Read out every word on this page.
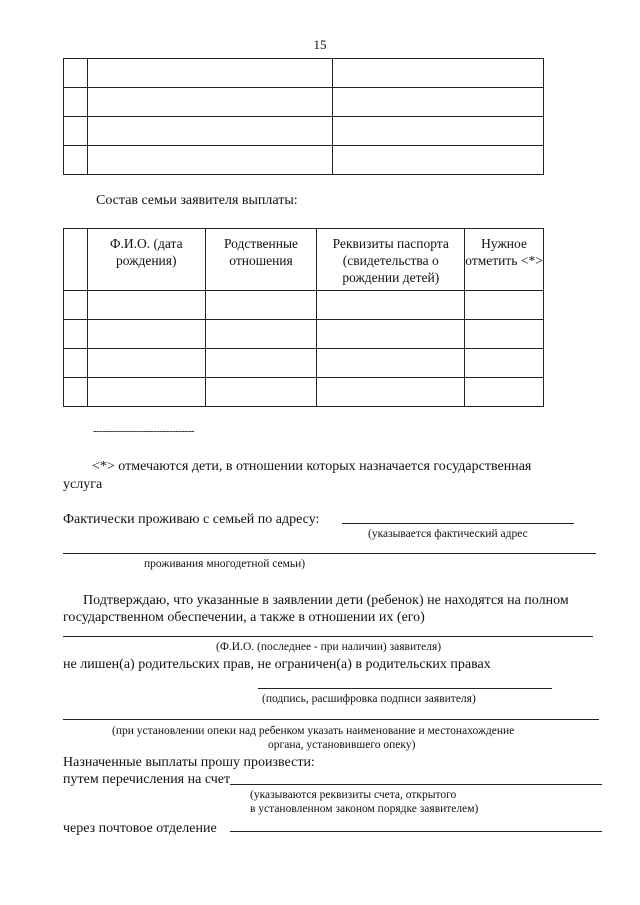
15

Состав семьи заявителя выплаты:
	Ф.И.О. (дата рождения)	Родственные отношения	Реквизиты паспорта (свидетельства о рождении детей)	Нужное отметить <*>

--------------------------------
<*> отмечаются дети, в отношении которых назначается государственная
услуга
Фактически проживаю с семьей по адресу:
(указывается фактический адрес
проживания многодетной семьи)
Подтверждаю, что указанные в заявлении дети (ребенок) не находятся на полном
государственном обеспечении, а также в отношении их (его)
(Ф.И.О. (последнее - при наличии) заявителя)
не лишен(а) родительских прав, не ограничен(а) в родительских правах
(подпись, расшифровка подписи заявителя)
(при установлении опеки над ребенком указать наименование и местонахождение
органа, установившего опеку)
Назначенные выплаты прошу произвести:
путем перечисления на счет
(указываются реквизиты счета, открытого
в установленном законом порядке заявителем)
через почтовое отделение
